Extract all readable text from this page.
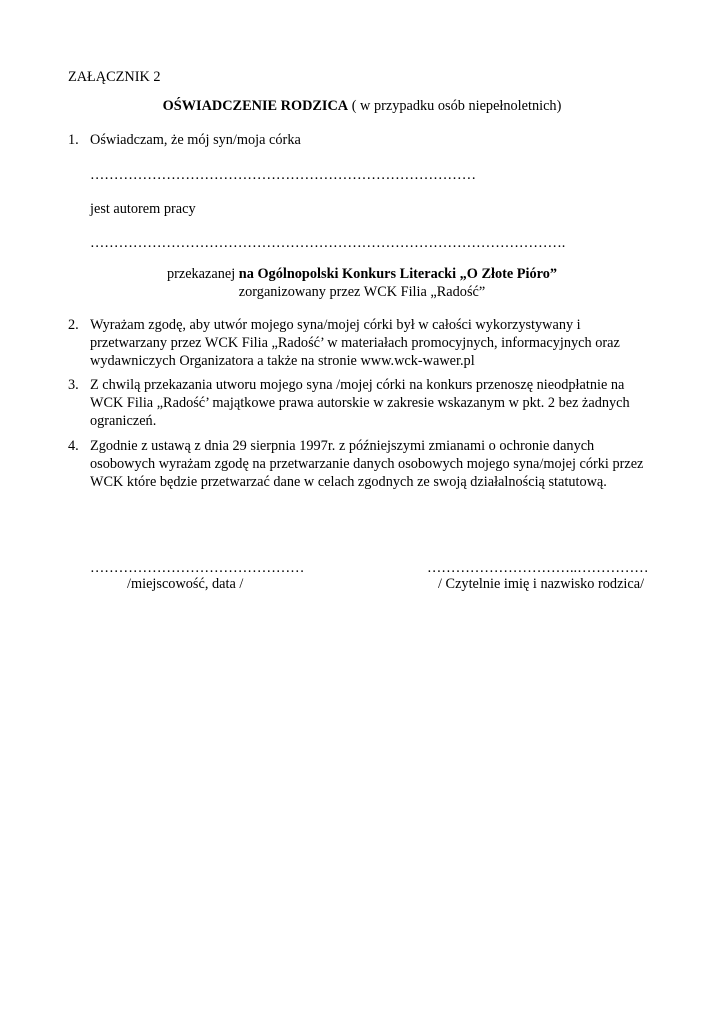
ZAŁĄCZNIK 2
OŚWIADCZENIE RODZICA ( w przypadku osób niepełnoletnich)
1. Oświadczam, że mój syn/moja córka
………………………………………………………………………
jest autorem pracy
……………………………………………………………………………………….
przekazanej na Ogólnopolski Konkurs Literacki „O Złote Pióro”
zorganizowany przez WCK Filia „Radość”
2. Wyrażam zgodę, aby utwór mojego syna/mojej córki był w całości wykorzystywany i przetwarzany przez WCK Filia „Radość’ w materiałach promocyjnych, informacyjnych oraz wydawniczych Organizatora a także na stronie www.wck-wawer.pl
3. Z chwilą przekazania utworu mojego syna /mojej córki na konkurs przenoszę nieodpłatnie na WCK Filia „Radość’ majątkowe prawa autorskie w zakresie wskazanym w pkt. 2 bez żadnych ograniczeń.
4. Zgodnie z ustawą z dnia 29 sierpnia 1997r. z późniejszymi zmianami o ochronie danych osobowych wyrażam zgodę na przetwarzanie danych osobowych mojego syna/mojej córki przez WCK które będzie przetwarzać dane w celach zgodnych ze swoją działalnością statutową.
………………………………………
/miejscowość, data /
…………………………..……………
/ Czytelnie imię i nazwisko rodzica/
